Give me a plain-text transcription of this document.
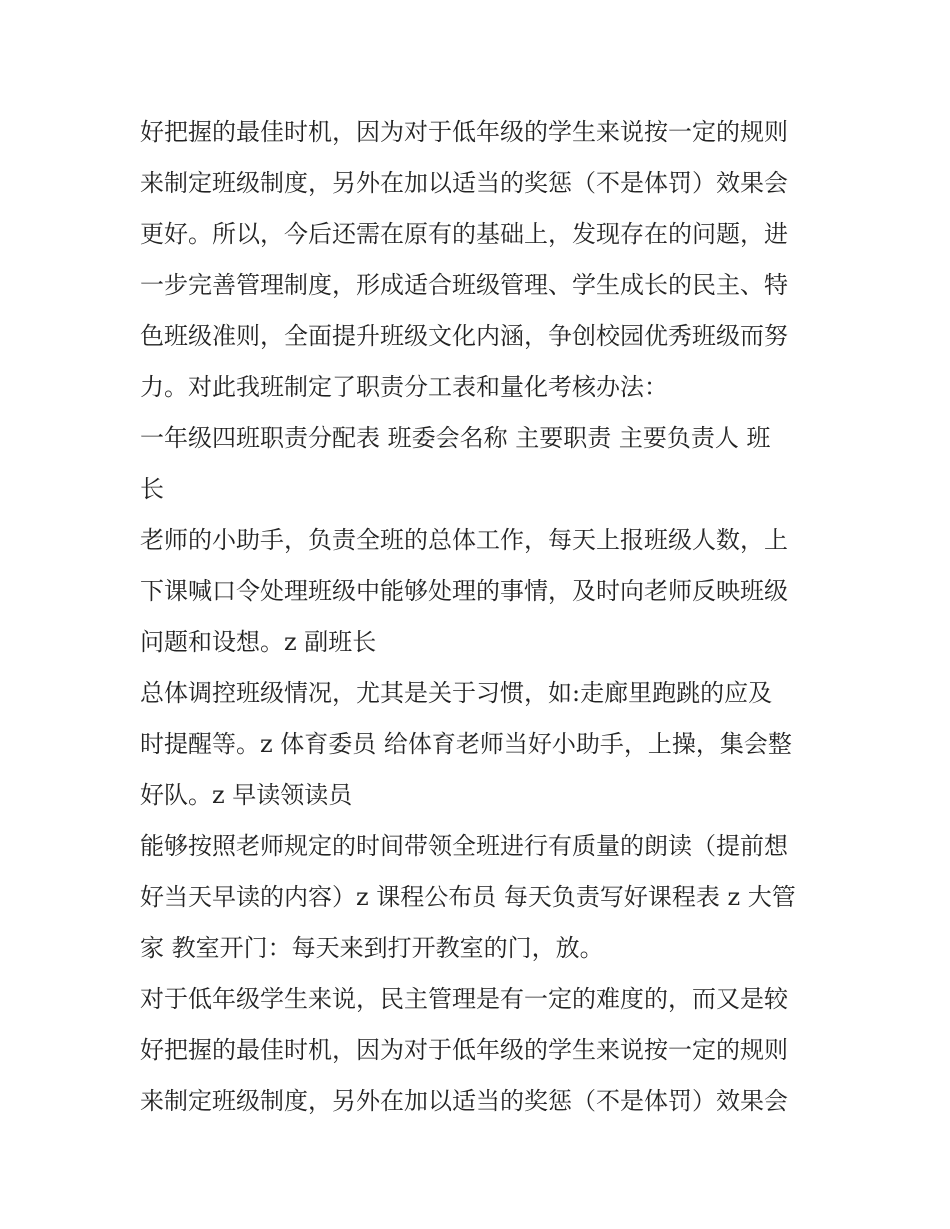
好把握的最佳时机，因为对于低年级的学生来说按一定的规则
来制定班级制度，另外在加以适当的奖惩（不是体罚）效果会
更好。所以，今后还需在原有的基础上，发现存在的问题，进
一步完善管理制度，形成适合班级管理、学生成长的民主、特
色班级准则，全面提升班级文化内涵，争创校园优秀班级而努
力。对此我班制定了职责分工表和量化考核办法：
一年级四班职责分配表 班委会名称 主要职责 主要负责人 班
长
老师的小助手，负责全班的总体工作，每天上报班级人数，上
下课喊口令处理班级中能够处理的事情，及时向老师反映班级
问题和设想。z 副班长
总体调控班级情况，尤其是关于习惯，如:走廊里跑跳的应及
时提醒等。z 体育委员 给体育老师当好小助手，上操，集会整
好队。z 早读领读员
能够按照老师规定的时间带领全班进行有质量的朗读（提前想
好当天早读的内容）z 课程公布员 每天负责写好课程表 z 大管
家 教室开门：每天来到打开教室的门，放。
对于低年级学生来说，民主管理是有一定的难度的，而又是较
好把握的最佳时机，因为对于低年级的学生来说按一定的规则
来制定班级制度，另外在加以适当的奖惩（不是体罚）效果会
